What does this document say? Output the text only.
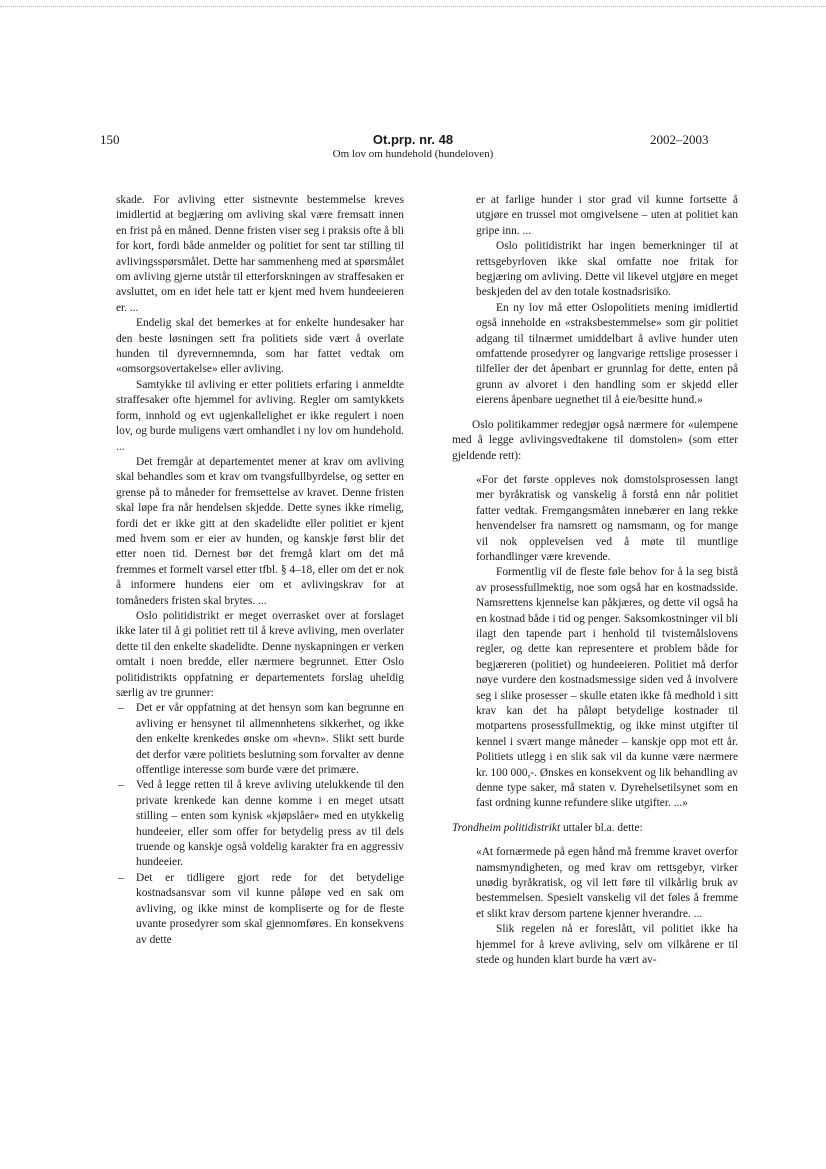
150	Ot.prp. nr. 48
Om lov om hundehold (hundeloven)
2002–2003

skade. For avliving etter sistnevnte bestemmelse kreves imidlertid at begjæring om avliving skal være fremsatt innen en frist på en måned. Denne fristen viser seg i praksis ofte å bli for kort, fordi både anmelder og politiet for sent tar stilling til avlivingsspørsmålet. Dette har sammenheng med at spørsmålet om avliving gjerne utstår til etterforskningen av straffesaken er avsluttet, om en idet hele tatt er kjent med hvem hundeeieren er. ...

Endelig skal det bemerkes at for enkelte hundesaker har den beste løsningen sett fra politiets side vært å overlate hunden til dyrevernnemnda, som har fattet vedtak om «omsorgsovertakelse» eller avliving.

Samtykke til avliving er etter politiets erfaring i anmeldte straffesaker ofte hjemmel for avliving. Regler om samtykkets form, innhold og evt ugjenkallelighet er ikke regulert i noen lov, og burde muligens vært omhandlet i ny lov om hundehold. ...

Det fremgår at departementet mener at krav om avliving skal behandles som et krav om tvangsfullbyrdelse, og setter en grense på to måneder for fremsettelse av kravet. Denne fristen skal løpe fra når hendelsen skjedde. Dette synes ikke rimelig, fordi det er ikke gitt at den skadelidte eller politiet er kjent med hvem som er eier av hunden, og kanskje først blir det etter noen tid. Dernest bør det fremgå klart om det må fremmes et formelt varsel etter tfbl. § 4–18, eller om det er nok å informere hundens eier om et avlivingskrav for at tomåneders fristen skal brytes. ...

Oslo politidistrikt er meget overrasket over at forslaget ikke later til å gi politiet rett til å kreve avliving, men overlater dette til den enkelte skadelidte. Denne nyskapningen er verken omtalt i noen bredde, eller nærmere begrunnet. Etter Oslo politidistrikts oppfatning er departementets forslag uheldig særlig av tre grunner:

– Det er vår oppfatning at det hensyn som kan begrunne en avliving er hensynet til allmennhetens sikkerhet, og ikke den enkelte krenkedes ønske om «hevn». Slikt sett burde det derfor være politiets beslutning som forvalter av denne offentlige interesse som burde være det primære.
– Ved å legge retten til å kreve avliving utelukkende til den private krenkede kan denne komme i en meget utsatt stilling – enten som kynisk «kjøpslåer» med en utykkelig hundeeier, eller som offer for betydelig press av til dels truende og kanskje også voldelig karakter fra en aggressiv hundeeier.
– Det er tidligere gjort rede for det betydelige kostnadsansvar som vil kunne påløpe ved en sak om avliving, og ikke minst de kompliserte og for de fleste uvante prosedyrer som skal gjennomføres. En konsekvens av dette

er at farlige hunder i stor grad vil kunne fortsette å utgjøre en trussel mot omgivelsene – uten at politiet kan gripe inn. ...

Oslo politidistrikt har ingen bemerkninger til at rettsgebyrloven ikke skal omfatte noe fritak for begjæring om avliving. Dette vil likevel utgjøre en meget beskjeden del av den totale kostnadsrisiko.

En ny lov må etter Oslopolitiets mening imidlertid også inneholde en «straksbestemmelse» som gir politiet adgang til tilnærmet umiddelbart å avlive hunder uten omfattende prosedyrer og langvarige rettslige prosesser i tilfeller der det åpenbart er grunnlag for dette, enten på grunn av alvoret i den handling som er skjedd eller eierens åpenbare uegnethet til å eie/besitte hund.»

Oslo politikammer redegjør også nærmere for «ulempene med å legge avlivingsvedtakene til domstolen» (som etter gjeldende rett):

«For det første oppleves nok domstolsprosessen langt mer byråkratisk og vanskelig å forstå enn når politiet fatter vedtak. Fremgangsmåten innebærer en lang rekke henvendelser fra namsrett og namsmann, og for mange vil nok opplevelsen ved å møte til muntlige forhandlinger være krevende.

Formentlig vil de fleste føle behov for å la seg bistå av prosessfullmektig, noe som også har en kostnadsside. Namsrettens kjennelse kan påkjæres, og dette vil også ha en kostnad både i tid og penger. Saksomkostninger vil bli ilagt den tapende part i henhold til tvistemålslovens regler, og dette kan representere et problem både for begjæreren (politiet) og hundeeieren. Politiet må derfor nøye vurdere den kostnadsmessige siden ved å involvere seg i slike prosesser – skulle etaten ikke få medhold i sitt krav kan det ha påløpt betydelige kostnader til motpartens prosessfullmektig, og ikke minst utgifter til kennel i svært mange måneder – kanskje opp mot ett år. Politiets utlegg i en slik sak vil da kunne være nærmere kr. 100 000,-. Ønskes en konsekvent og lik behandling av denne type saker, må staten v. Dyrehelsetilsynet som en fast ordning kunne refundere slike utgifter. ...»

Trondheim politidistrikt uttaler bl.a. dette:

«At fornærmede på egen hånd må fremme kravet overfor namsmyndigheten, og med krav om rettsgebyr, virker unødig byråkratisk, og vil lett føre til vilkårlig bruk av bestemmelsen. Spesielt vanskelig vil det føles å fremme et slikt krav dersom partene kjenner hverandre. ...

Slik regelen nå er foreslått, vil politiet ikke ha hjemmel for å kreve avliving, selv om vilkårene er til stede og hunden klart burde ha vært av-
